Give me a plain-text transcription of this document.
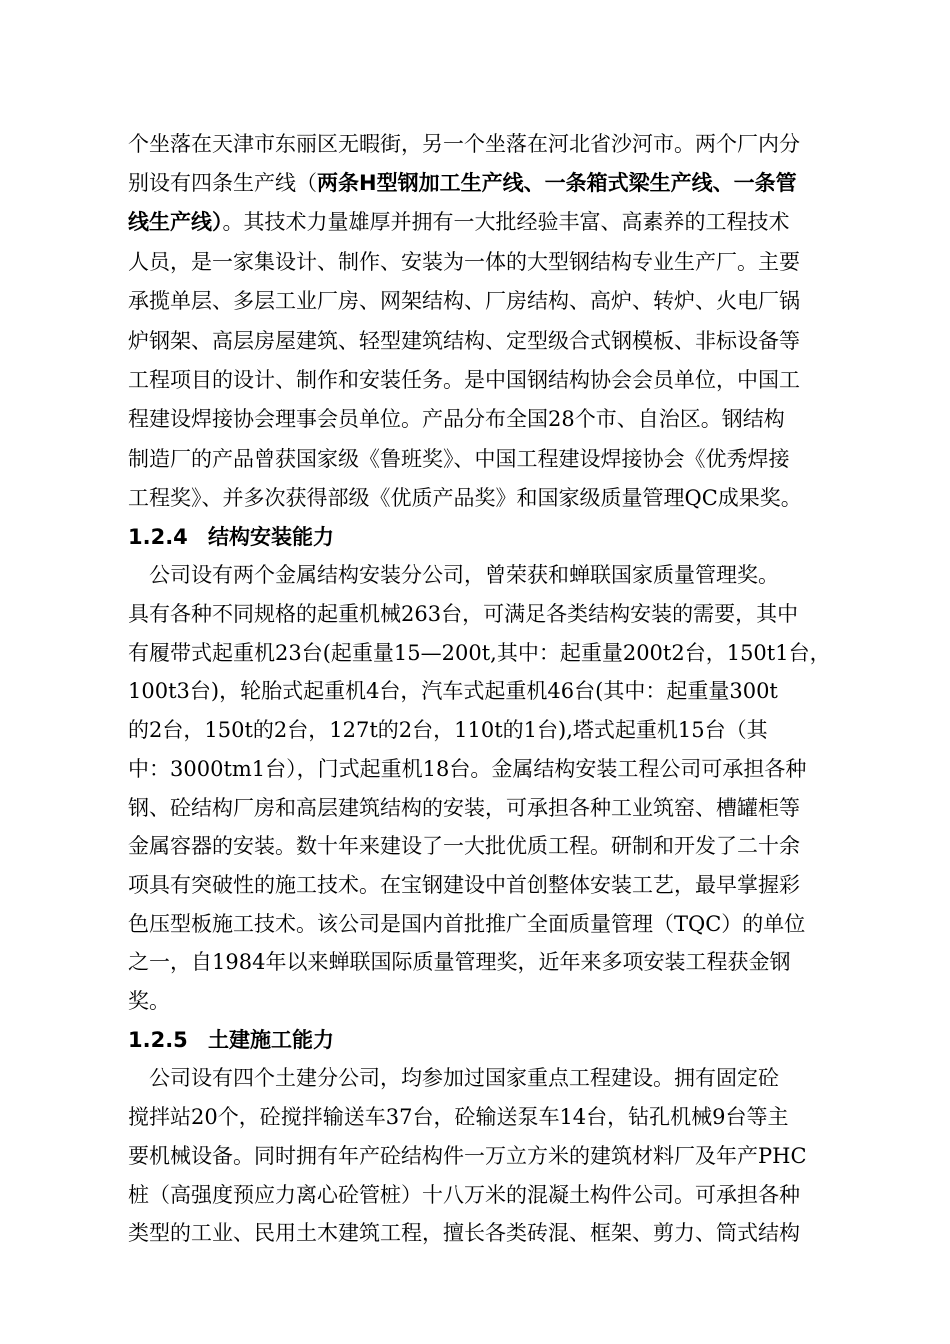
个坐落在天津市东丽区无暇街，另一个坐落在河北省沙河市。两个厂内分
别设有四条生产线（两条H型钢加工生产线、一条箱式梁生产线、一条管
线生产线）。其技术力量雄厚并拥有一大批经验丰富、高素养的工程技术
人员，是一家集设计、制作、安装为一体的大型钢结构专业生产厂。主要
承揽单层、多层工业厂房、网架结构、厂房结构、高炉、转炉、火电厂锅
炉钢架、高层房屋建筑、轻型建筑结构、定型级合式钢模板、非标设备等
工程项目的设计、制作和安装任务。是中国钢结构协会会员单位，中国工
程建设焊接协会理事会员单位。产品分布全国28个市、自治区。钢结构
制造厂的产品曾获国家级《鲁班奖》、中国工程建设焊接协会《优秀焊接
工程奖》、并多次获得部级《优质产品奖》和国家级质量管理QC成果奖。
1.2.4 结构安装能力
　公司设有两个金属结构安装分公司，曾荣获和蝉联国家质量管理奖。
具有各种不同规格的起重机械263台，可满足各类结构安装的需要，其中
有履带式起重机23台(起重量15—200t,其中：起重量200t2台，150t1台，
100t3台)，轮胎式起重机4台，汽车式起重机46台(其中：起重量300t
的2台，150t的2台，127t的2台，110t的1台),塔式起重机15台（其
中：3000tm1台），门式起重机18台。金属结构安装工程公司可承担各种
钢、砼结构厂房和高层建筑结构的安装，可承担各种工业筑窑、槽罐柜等
金属容器的安装。数十年来建设了一大批优质工程。研制和开发了二十余
项具有突破性的施工技术。在宝钢建设中首创整体安装工艺，最早掌握彩
色压型板施工技术。该公司是国内首批推广全面质量管理（TQC）的单位
之一，自1984年以来蝉联国际质量管理奖，近年来多项安装工程获金钢
奖。
1.2.5 土建施工能力
　公司设有四个土建分公司，均参加过国家重点工程建设。拥有固定砼
搅拌站20个，砼搅拌输送车37台，砼输送泵车14台，钻孔机械9台等主
要机械设备。同时拥有年产砼结构件一万立方米的建筑材料厂及年产PHC
桩（高强度预应力离心砼管桩）十八万米的混凝土构件公司。可承担各种
类型的工业、民用土木建筑工程，擅长各类砖混、框架、剪力、筒式结构
